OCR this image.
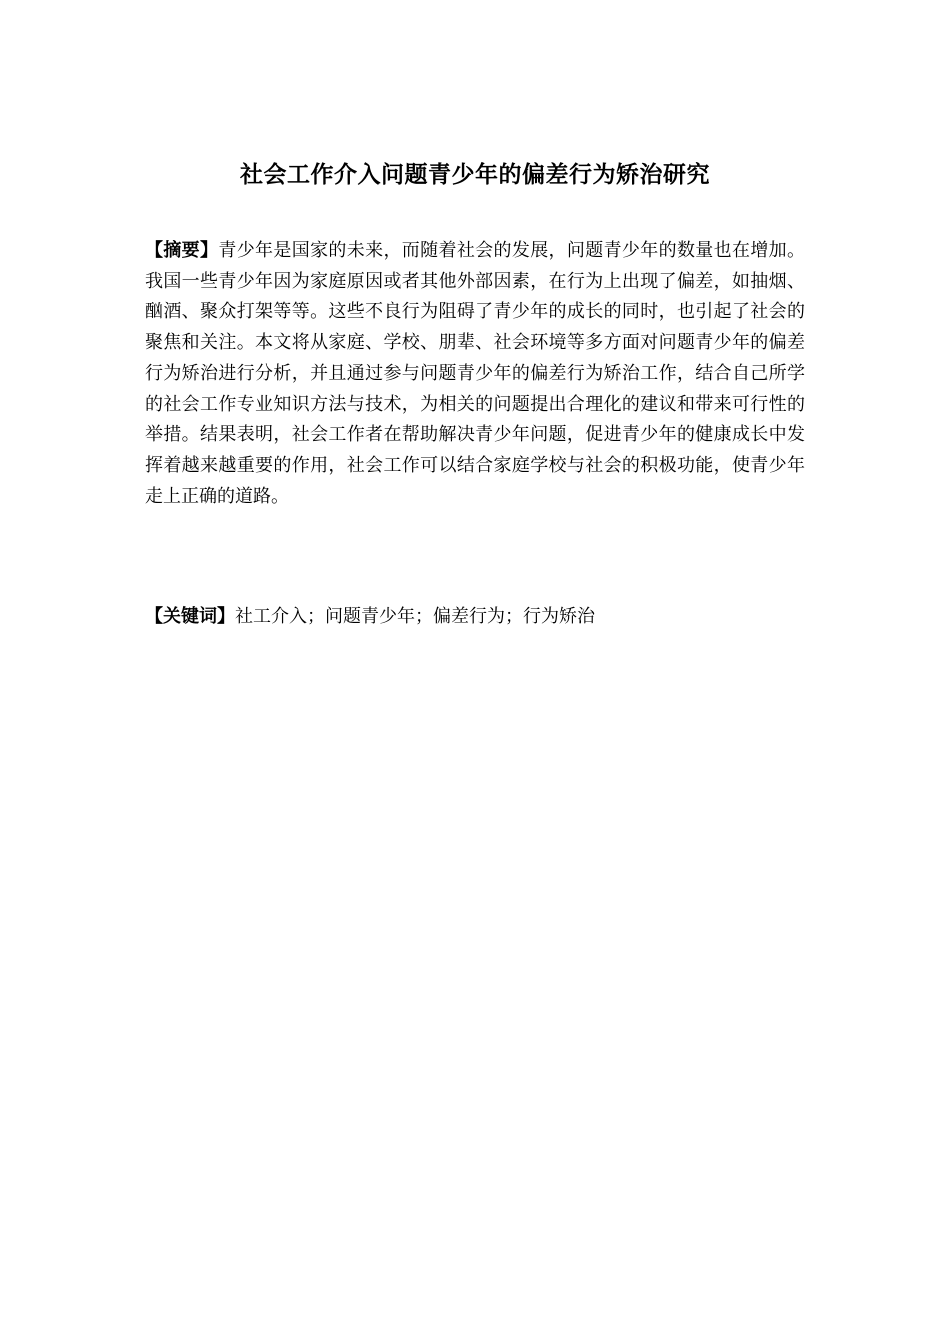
社会工作介入问题青少年的偏差行为矫治研究

【摘要】青少年是国家的未来，而随着社会的发展，问题青少年的数量也在增加。我国一些青少年因为家庭原因或者其他外部因素，在行为上出现了偏差，如抽烟、酗酒、聚众打架等等。这些不良行为阻碍了青少年的成长的同时，也引起了社会的聚焦和关注。本文将从家庭、学校、朋辈、社会环境等多方面对问题青少年的偏差行为矫治进行分析，并且通过参与问题青少年的偏差行为矫治工作，结合自己所学的社会工作专业知识方法与技术，为相关的问题提出合理化的建议和带来可行性的举措。结果表明，社会工作者在帮助解决青少年问题，促进青少年的健康成长中发挥着越来越重要的作用，社会工作可以结合家庭学校与社会的积极功能，使青少年走上正确的道路。

【关键词】社工介入；问题青少年；偏差行为；行为矫治
